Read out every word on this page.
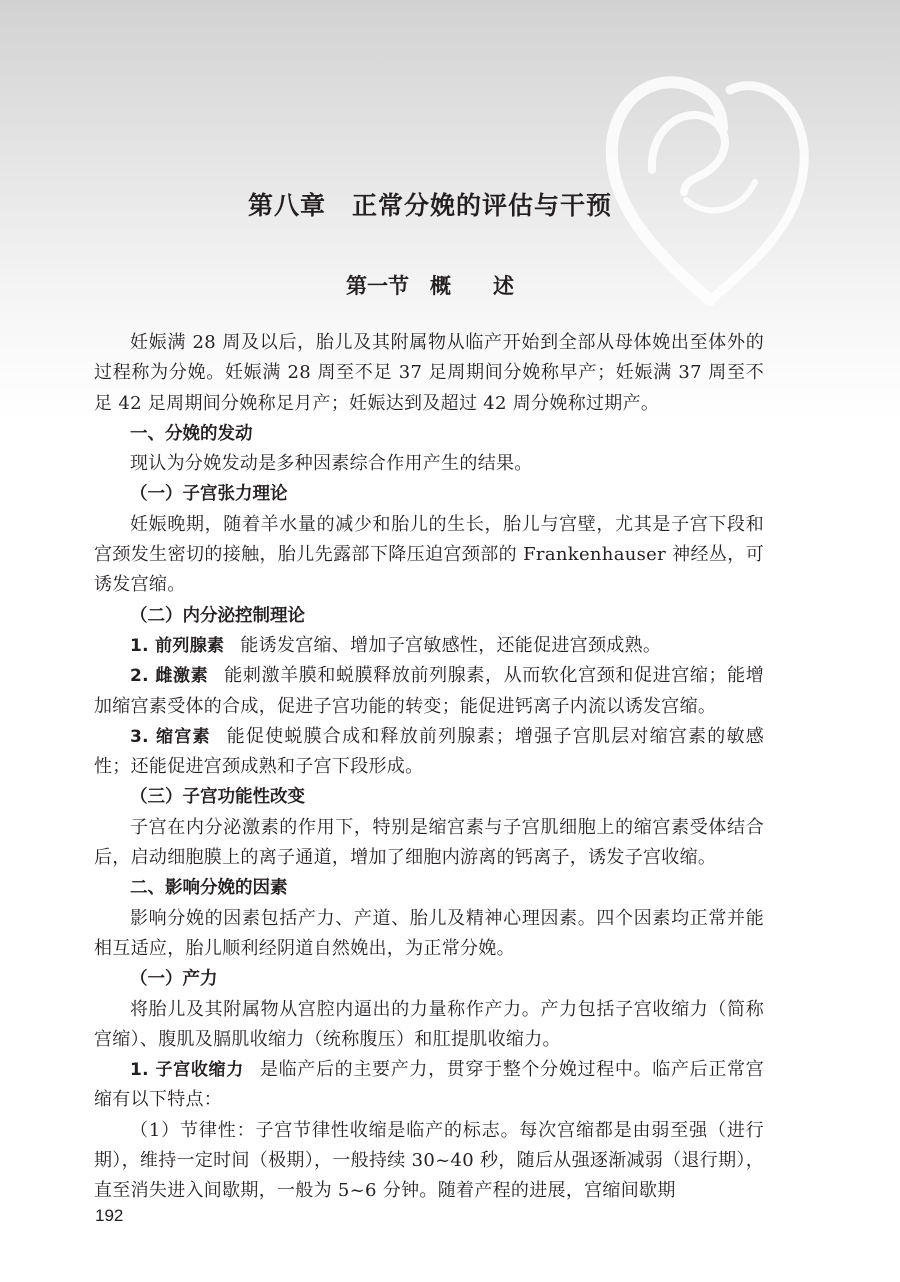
第八章　正常分娩的评估与干预
第一节　概　　述

妊娠满 28 周及以后，胎儿及其附属物从临产开始到全部从母体娩出至体外的过程称为分娩。妊娠满 28 周至不足 37 足周期间分娩称早产；妊娠满 37 周至不足 42 足周期间分娩称足月产；妊娠达到及超过 42 周分娩称过期产。

一、分娩的发动

现认为分娩发动是多种因素综合作用产生的结果。

（一）子宫张力理论

妊娠晚期，随着羊水量的减少和胎儿的生长，胎儿与宫壁，尤其是子宫下段和宫颈发生密切的接触，胎儿先露部下降压迫宫颈部的 Frankenhauser 神经丛，可诱发宫缩。

（二）内分泌控制理论

1. 前列腺素 能诱发宫缩、增加子宫敏感性，还能促进宫颈成熟。

2. 雌激素 能刺激羊膜和蜕膜释放前列腺素，从而软化宫颈和促进宫缩；能增加缩宫素受体的合成，促进子宫功能的转变；能促进钙离子内流以诱发宫缩。

3. 缩宫素 能促使蜕膜合成和释放前列腺素；增强子宫肌层对缩宫素的敏感性；还能促进宫颈成熟和子宫下段形成。

（三）子宫功能性改变

子宫在内分泌激素的作用下，特别是缩宫素与子宫肌细胞上的缩宫素受体结合后，启动细胞膜上的离子通道，增加了细胞内游离的钙离子，诱发子宫收缩。

二、影响分娩的因素

影响分娩的因素包括产力、产道、胎儿及精神心理因素。四个因素均正常并能相互适应，胎儿顺利经阴道自然娩出，为正常分娩。

（一）产力

将胎儿及其附属物从宫腔内逼出的力量称作产力。产力包括子宫收缩力（简称宫缩）、腹肌及膈肌收缩力（统称腹压）和肛提肌收缩力。

1. 子宫收缩力 是临产后的主要产力，贯穿于整个分娩过程中。临产后正常宫缩有以下特点：

（1）节律性：子宫节律性收缩是临产的标志。每次宫缩都是由弱至强（进行期），维持一定时间（极期），一般持续 30~40 秒，随后从强逐渐减弱（退行期），直至消失进入间歇期，一般为 5~6 分钟。随着产程的进展，宫缩间歇期

192
